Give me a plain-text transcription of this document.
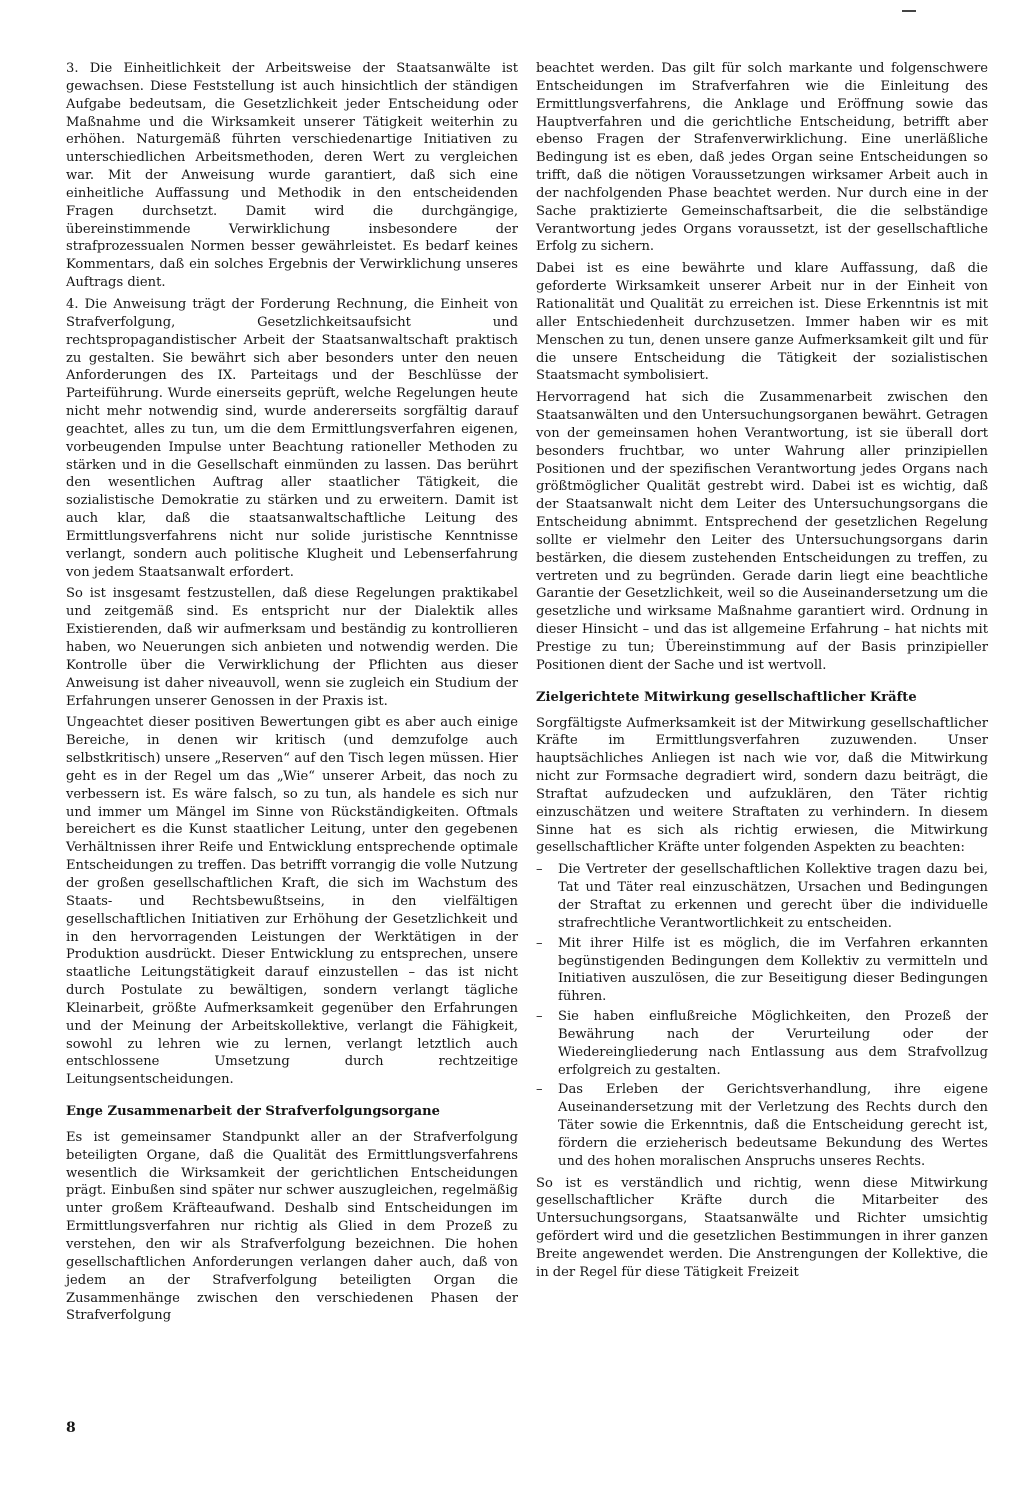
3. Die Einheitlichkeit der Arbeitsweise der Staatsanwälte ist gewachsen. Diese Feststellung ist auch hinsichtlich der ständigen Aufgabe bedeutsam, die Gesetzlichkeit jeder Entscheidung oder Maßnahme und die Wirksamkeit unserer Tätigkeit weiterhin zu erhöhen. Naturgemäß führten verschiedenartige Initiativen zu unterschiedlichen Arbeitsmethoden, deren Wert zu vergleichen war. Mit der Anweisung wurde garantiert, daß sich eine einheitliche Auffassung und Methodik in den entscheidenden Fragen durchsetzt. Damit wird die durchgängige, übereinstimmende Verwirklichung insbesondere der strafprozessualen Normen besser gewährleistet. Es bedarf keines Kommentars, daß ein solches Ergebnis der Verwirklichung unseres Auftrags dient.

4. Die Anweisung trägt der Forderung Rechnung, die Einheit von Strafverfolgung, Gesetzlichkeitsaufsicht und rechtspropagandistischer Arbeit der Staatsanwaltschaft praktisch zu gestalten. Sie bewährt sich aber besonders unter den neuen Anforderungen des IX. Parteitags und der Beschlüsse der Parteiführung. Wurde einerseits geprüft, welche Regelungen heute nicht mehr notwendig sind, wurde andererseits sorgfältig darauf geachtet, alles zu tun, um die dem Ermittlungsverfahren eigenen, vorbeugenden Impulse unter Beachtung rationeller Methoden zu stärken und in die Gesellschaft einmünden zu lassen. Das berührt den wesentlichen Auftrag aller staatlicher Tätigkeit, die sozialistische Demokratie zu stärken und zu erweitern. Damit ist auch klar, daß die staatsanwaltschaftliche Leitung des Ermittlungsverfahrens nicht nur solide juristische Kenntnisse verlangt, sondern auch politische Klugheit und Lebenserfahrung von jedem Staatsanwalt erfordert.

So ist insgesamt festzustellen, daß diese Regelungen praktikabel und zeitgemäß sind. Es entspricht nur der Dialektik alles Existierenden, daß wir aufmerksam und beständig zu kontrollieren haben, wo Neuerungen sich anbieten und notwendig werden. Die Kontrolle über die Verwirklichung der Pflichten aus dieser Anweisung ist daher niveauvoll, wenn sie zugleich ein Studium der Erfahrungen unserer Genossen in der Praxis ist.

Ungeachtet dieser positiven Bewertungen gibt es aber auch einige Bereiche, in denen wir kritisch (und demzufolge auch selbstkritisch) unsere „Reserven“ auf den Tisch legen müssen. Hier geht es in der Regel um das „Wie“ unserer Arbeit, das noch zu verbessern ist. Es wäre falsch, so zu tun, als handele es sich nur und immer um Mängel im Sinne von Rückständigkeiten. Oftmals bereichert es die Kunst staatlicher Leitung, unter den gegebenen Verhältnissen ihrer Reife und Entwicklung entsprechende optimale Entscheidungen zu treffen. Das betrifft vorrangig die volle Nutzung der großen gesellschaftlichen Kraft, die sich im Wachstum des Staats- und Rechtsbewußtseins, in den vielfältigen gesellschaftlichen Initiativen zur Erhöhung der Gesetzlichkeit und in den hervorragenden Leistungen der Werktätigen in der Produktion ausdrückt. Dieser Entwicklung zu entsprechen, unsere staatliche Leitungstätigkeit darauf einzustellen – das ist nicht durch Postulate zu bewältigen, sondern verlangt tägliche Kleinarbeit, größte Aufmerksamkeit gegenüber den Erfahrungen und der Meinung der Arbeitskollektive, verlangt die Fähigkeit, sowohl zu lehren wie zu lernen, verlangt letztlich auch entschlossene Umsetzung durch rechtzeitige Leitungsentscheidungen.

Enge Zusammenarbeit der Strafverfolgungsorgane

Es ist gemeinsamer Standpunkt aller an der Strafverfolgung beteiligten Organe, daß die Qualität des Ermittlungsverfahrens wesentlich die Wirksamkeit der gerichtlichen Entscheidungen prägt. Einbußen sind später nur schwer auszugleichen, regelmäßig unter großem Kräfteaufwand. Deshalb sind Entscheidungen im Ermittlungsverfahren nur richtig als Glied in dem Prozeß zu verstehen, den wir als Strafverfolgung bezeichnen. Die hohen gesellschaftlichen Anforderungen verlangen daher auch, daß von jedem an der Strafverfolgung beteiligten Organ die Zusammenhänge zwischen den verschiedenen Phasen der Strafverfolgung

beachtet werden. Das gilt für solch markante und folgenschwere Entscheidungen im Strafverfahren wie die Einleitung des Ermittlungsverfahrens, die Anklage und Eröffnung sowie das Hauptverfahren und die gerichtliche Entscheidung, betrifft aber ebenso Fragen der Strafenverwirklichung. Eine unerläßliche Bedingung ist es eben, daß jedes Organ seine Entscheidungen so trifft, daß die nötigen Voraussetzungen wirksamer Arbeit auch in der nachfolgenden Phase beachtet werden. Nur durch eine in der Sache praktizierte Gemeinschaftsarbeit, die die selbständige Verantwortung jedes Organs voraussetzt, ist der gesellschaftliche Erfolg zu sichern.

Dabei ist es eine bewährte und klare Auffassung, daß die geforderte Wirksamkeit unserer Arbeit nur in der Einheit von Rationalität und Qualität zu erreichen ist. Diese Erkenntnis ist mit aller Entschiedenheit durchzusetzen. Immer haben wir es mit Menschen zu tun, denen unsere ganze Aufmerksamkeit gilt und für die unsere Entscheidung die Tätigkeit der sozialistischen Staatsmacht symbolisiert.

Hervorragend hat sich die Zusammenarbeit zwischen den Staatsanwälten und den Untersuchungsorganen bewährt. Getragen von der gemeinsamen hohen Verantwortung, ist sie überall dort besonders fruchtbar, wo unter Wahrung aller prinzipiellen Positionen und der spezifischen Verantwortung jedes Organs nach größtmöglicher Qualität gestrebt wird. Dabei ist es wichtig, daß der Staatsanwalt nicht dem Leiter des Untersuchungsorgans die Entscheidung abnimmt. Entsprechend der gesetzlichen Regelung sollte er vielmehr den Leiter des Untersuchungsorgans darin bestärken, die diesem zustehenden Entscheidungen zu treffen, zu vertreten und zu begründen. Gerade darin liegt eine beachtliche Garantie der Gesetzlichkeit, weil so die Auseinandersetzung um die gesetzliche und wirksame Maßnahme garantiert wird. Ordnung in dieser Hinsicht – und das ist allgemeine Erfahrung – hat nichts mit Prestige zu tun; Übereinstimmung auf der Basis prinzipieller Positionen dient der Sache und ist wertvoll.

Zielgerichtete Mitwirkung gesellschaftlicher Kräfte

Sorgfältigste Aufmerksamkeit ist der Mitwirkung gesellschaftlicher Kräfte im Ermittlungsverfahren zuzuwenden. Unser hauptsächliches Anliegen ist nach wie vor, daß die Mitwirkung nicht zur Formsache degradiert wird, sondern dazu beiträgt, die Straftat aufzudecken und aufzuklären, den Täter richtig einzuschätzen und weitere Straftaten zu verhindern. In diesem Sinne hat es sich als richtig erwiesen, die Mitwirkung gesellschaftlicher Kräfte unter folgenden Aspekten zu beachten:

–	Die Vertreter der gesellschaftlichen Kollektive tragen dazu bei, Tat und Täter real einzuschätzen, Ursachen und Bedingungen der Straftat zu erkennen und gerecht über die individuelle strafrechtliche Verantwortlichkeit zu entscheiden.
–	Mit ihrer Hilfe ist es möglich, die im Verfahren erkannten begünstigenden Bedingungen dem Kollektiv zu vermitteln und Initiativen auszulösen, die zur Beseitigung dieser Bedingungen führen.
–	Sie haben einflußreiche Möglichkeiten, den Prozeß der Bewährung nach der Verurteilung oder der Wiedereingliederung nach Entlassung aus dem Strafvollzug erfolgreich zu gestalten.
–	Das Erleben der Gerichtsverhandlung, ihre eigene Auseinandersetzung mit der Verletzung des Rechts durch den Täter sowie die Erkenntnis, daß die Entscheidung gerecht ist, fördern die erzieherisch bedeutsame Bekundung des Wertes und des hohen moralischen Anspruchs unseres Rechts.

So ist es verständlich und richtig, wenn diese Mitwirkung gesellschaftlicher Kräfte durch die Mitarbeiter des Untersuchungsorgans, Staatsanwälte und Richter umsichtig gefördert wird und die gesetzlichen Bestimmungen in ihrer ganzen Breite angewendet werden. Die Anstrengungen der Kollektive, die in der Regel für diese Tätigkeit Freizeit

8
